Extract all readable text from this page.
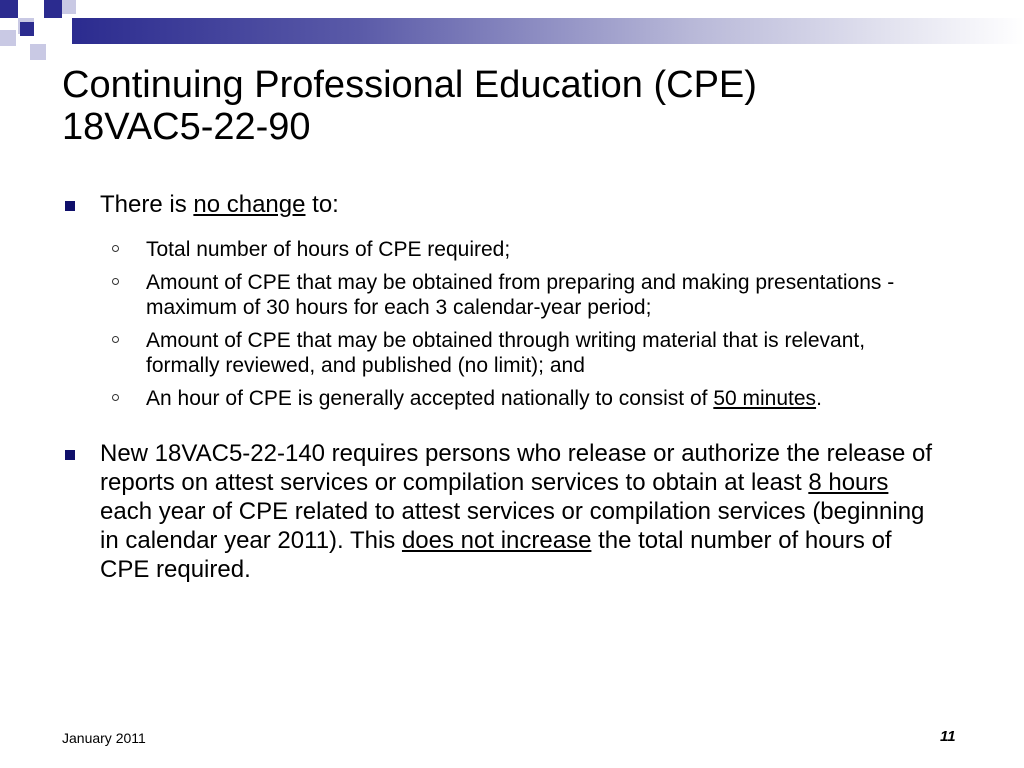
Continuing Professional Education (CPE)
18VAC5-22-90
There is no change to:
Total number of hours of CPE required;
Amount of CPE that may be obtained from preparing and making presentations - maximum of 30 hours for each 3 calendar-year period;
Amount of CPE that may be obtained through writing material that is relevant, formally reviewed, and published (no limit); and
An hour of CPE is generally accepted nationally to consist of 50 minutes.
New 18VAC5-22-140 requires persons who release or authorize the release of reports on attest services or compilation services to obtain at least 8 hours each year of CPE related to attest services or compilation services (beginning in calendar year 2011). This does not increase the total number of hours of CPE required.
January 2011	11
